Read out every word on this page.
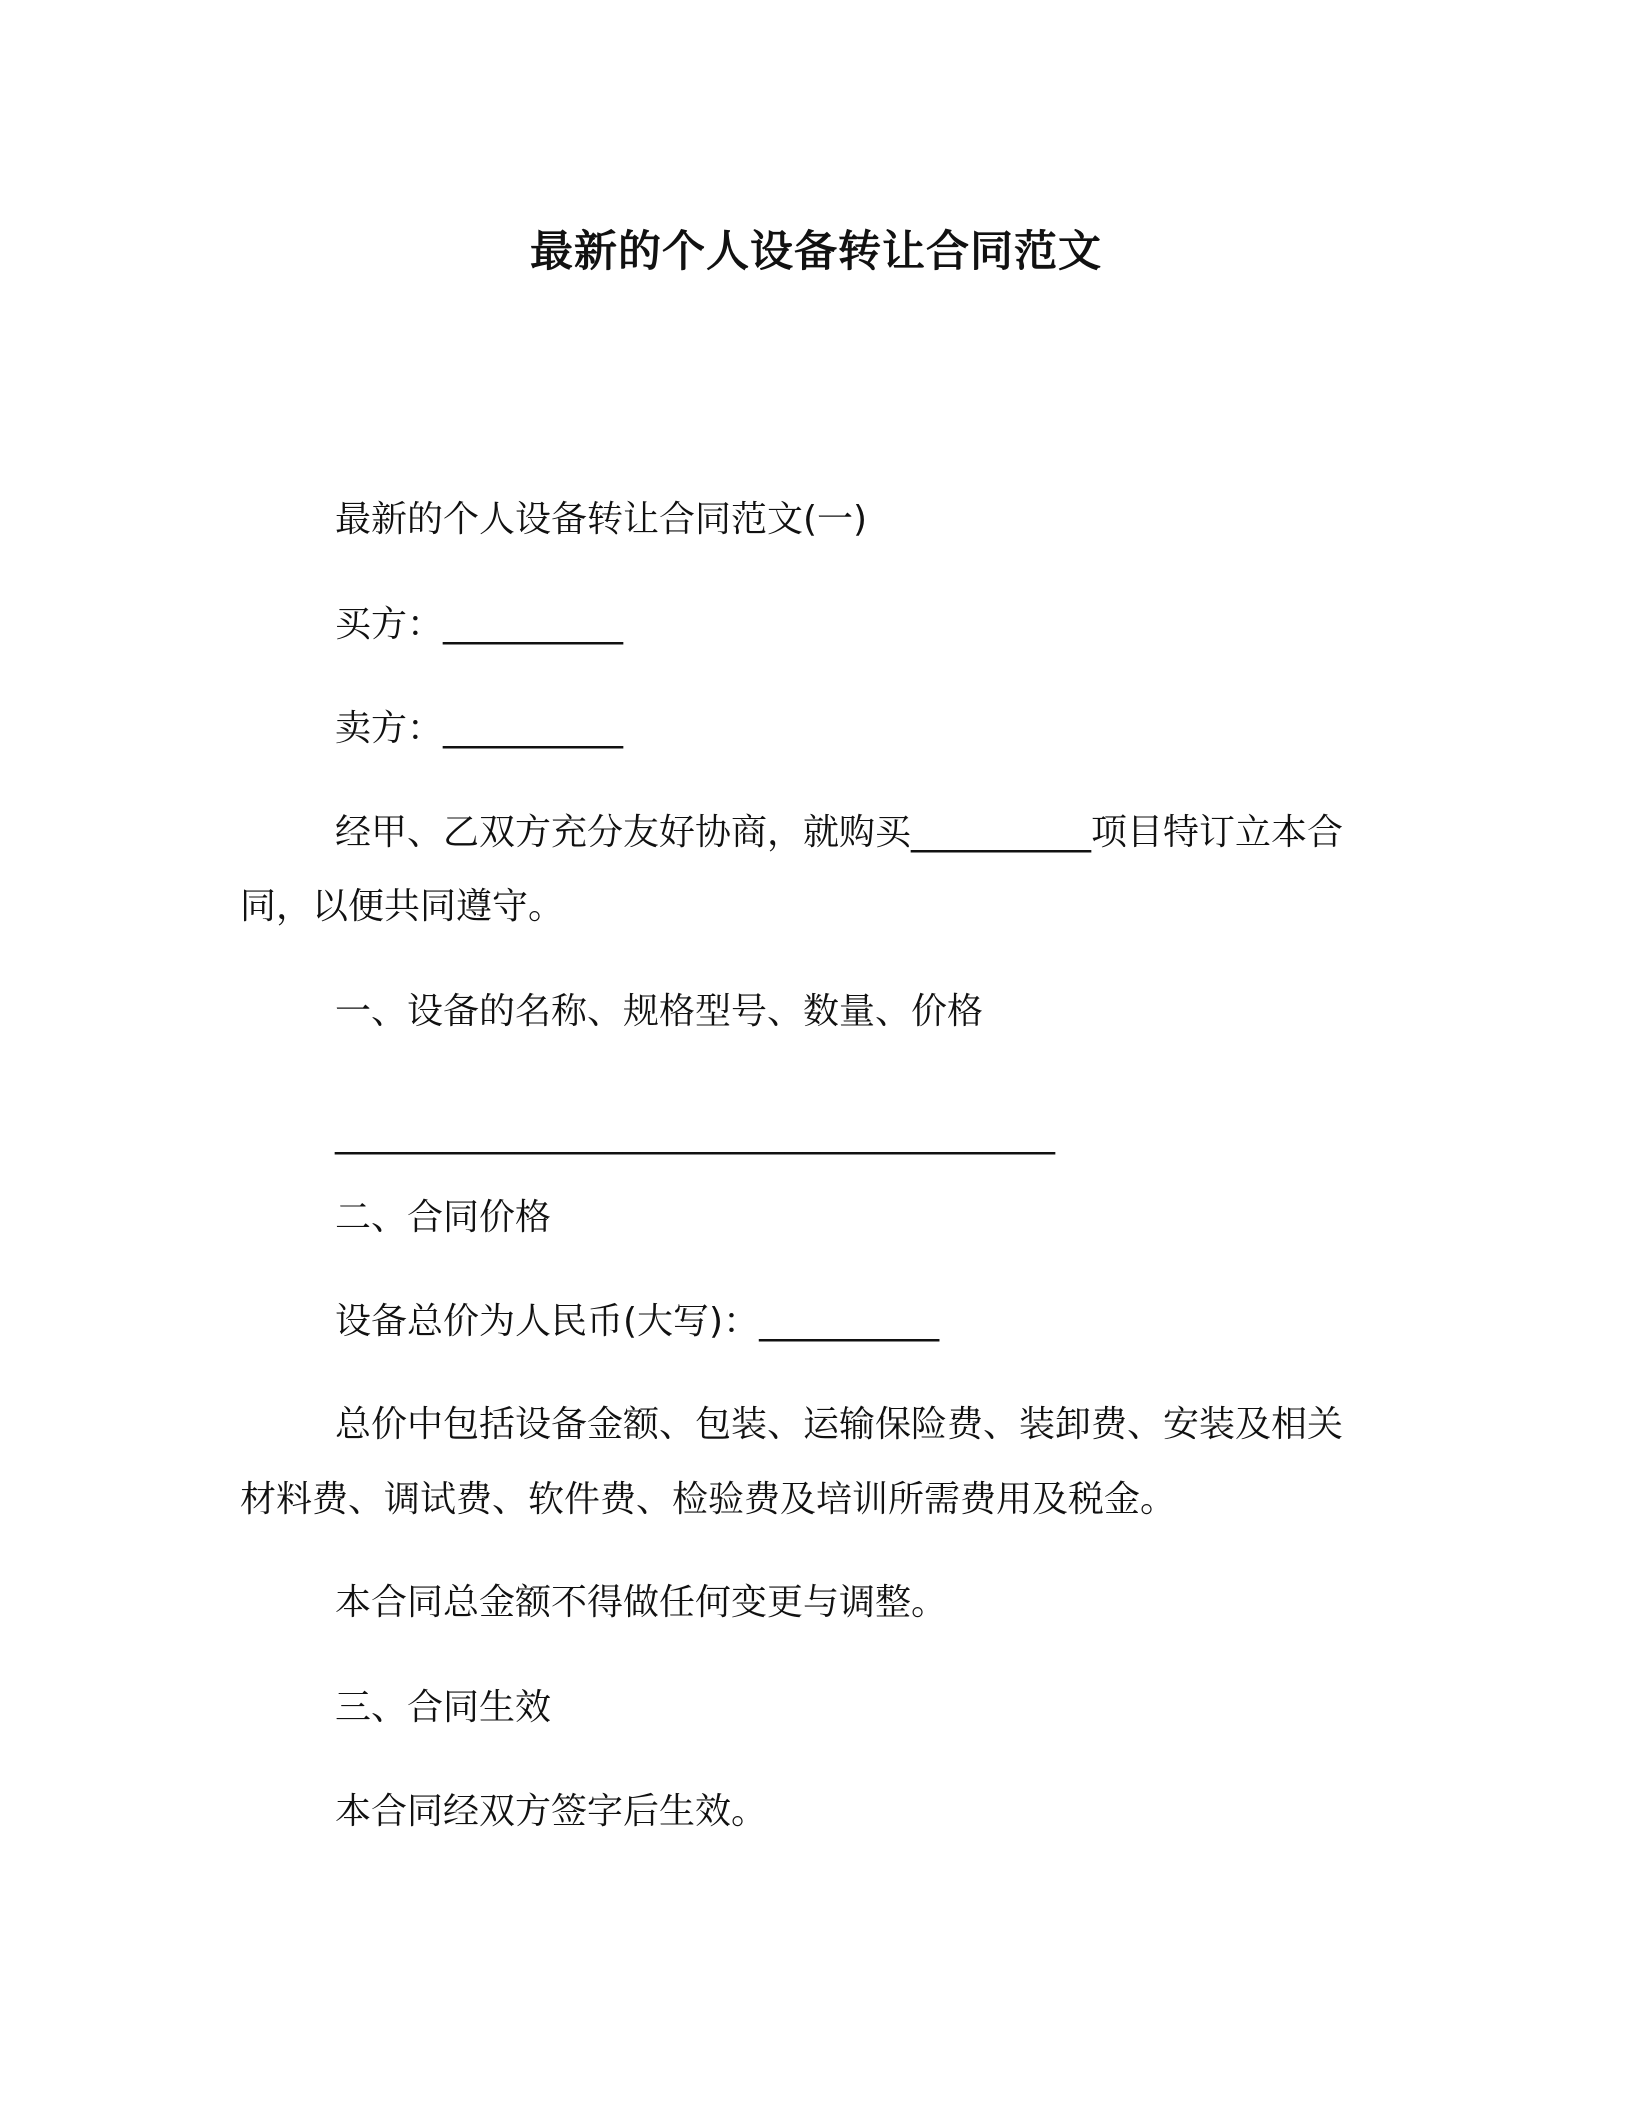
最新的个人设备转让合同范文
最新的个人设备转让合同范文(一)
买方：__________
卖方：__________
经甲、乙双方充分友好协商，就购买__________项目特订立本合
同，以便共同遵守。
一、设备的名称、规格型号、数量、价格
________________________________________
二、合同价格
设备总价为人民币(大写)：__________
总价中包括设备金额、包装、运输保险费、装卸费、安装及相关
材料费、调试费、软件费、检验费及培训所需费用及税金。
本合同总金额不得做任何变更与调整。
三、合同生效
本合同经双方签字后生效。
